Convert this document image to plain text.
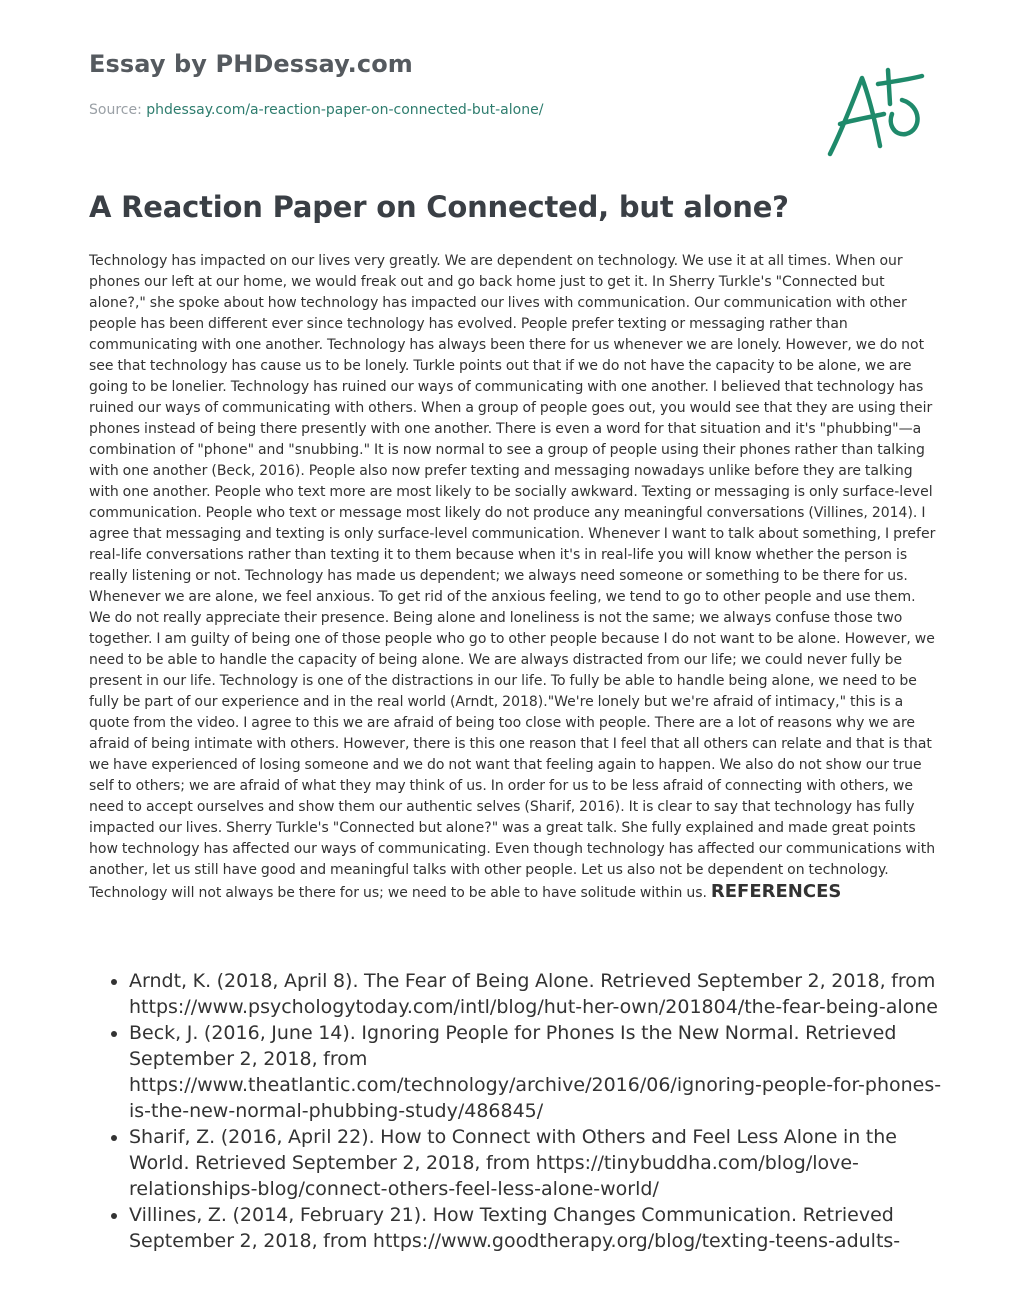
Essay by PHDessay.com
Source: phdessay.com/a-reaction-paper-on-connected-but-alone/
A Reaction Paper on Connected, but alone?

Technology has impacted on our lives very greatly. We are dependent on technology. We use it at all times. When our phones our left at our home, we would freak out and go back home just to get it. In Sherry Turkle's "Connected but alone?," she spoke about how technology has impacted our lives with communication. Our communication with other people has been different ever since technology has evolved. People prefer texting or messaging rather than communicating with one another. Technology has always been there for us whenever we are lonely. However, we do not see that technology has cause us to be lonely. Turkle points out that if we do not have the capacity to be alone, we are going to be lonelier. Technology has ruined our ways of communicating with one another. I believed that technology has ruined our ways of communicating with others. When a group of people goes out, you would see that they are using their phones instead of being there presently with one another. There is even a word for that situation and it's "phubbing"—a combination of "phone" and "snubbing." It is now normal to see a group of people using their phones rather than talking with one another (Beck, 2016). People also now prefer texting and messaging nowadays unlike before they are talking with one another. People who text more are most likely to be socially awkward. Texting or messaging is only surface-level communication. People who text or message most likely do not produce any meaningful conversations (Villines, 2014). I agree that messaging and texting is only surface-level communication. Whenever I want to talk about something, I prefer real-life conversations rather than texting it to them because when it's in real-life you will know whether the person is really listening or not. Technology has made us dependent; we always need someone or something to be there for us. Whenever we are alone, we feel anxious. To get rid of the anxious feeling, we tend to go to other people and use them. We do not really appreciate their presence. Being alone and loneliness is not the same; we always confuse those two together. I am guilty of being one of those people who go to other people because I do not want to be alone. However, we need to be able to handle the capacity of being alone. We are always distracted from our life; we could never fully be present in our life. Technology is one of the distractions in our life. To fully be able to handle being alone, we need to be fully be part of our experience and in the real world (Arndt, 2018)."We're lonely but we're afraid of intimacy," this is a quote from the video. I agree to this we are afraid of being too close with people. There are a lot of reasons why we are afraid of being intimate with others. However, there is this one reason that I feel that all others can relate and that is that we have experienced of losing someone and we do not want that feeling again to happen. We also do not show our true self to others; we are afraid of what they may think of us. In order for us to be less afraid of connecting with others, we need to accept ourselves and show them our authentic selves (Sharif, 2016). It is clear to say that technology has fully impacted our lives. Sherry Turkle's "Connected but alone?" was a great talk. She fully explained and made great points how technology has affected our ways of communicating. Even though technology has affected our communications with another, let us still have good and meaningful talks with other people. Let us also not be dependent on technology. Technology will not always be there for us; we need to be able to have solitude within us. REFERENCES

• Arndt, K. (2018, April 8). The Fear of Being Alone. Retrieved September 2, 2018, from https://www.psychologytoday.com/intl/blog/hut-her-own/201804/the-fear-being-alone
• Beck, J. (2016, June 14). Ignoring People for Phones Is the New Normal. Retrieved September 2, 2018, from https://www.theatlantic.com/technology/archive/2016/06/ignoring-people-for-phones-is-the-new-normal-phubbing-study/486845/
• Sharif, Z. (2016, April 22). How to Connect with Others and Feel Less Alone in the World. Retrieved September 2, 2018, from https://tinybuddha.com/blog/love-relationships-blog/connect-others-feel-less-alone-world/
• Villines, Z. (2014, February 21). How Texting Changes Communication. Retrieved September 2, 2018, from https://www.goodtherapy.org/blog/texting-teens-adults-
